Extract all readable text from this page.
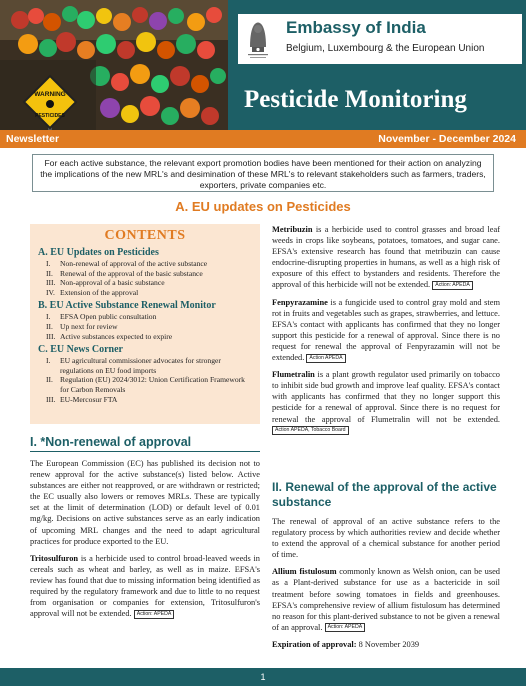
WARNING
PESTICIDES
Embassy of India
Belgium, Luxembourg & the European Union
Pesticide Monitoring
Newsletter	November - December 2024
For each active substance, the relevant export promotion bodies have been mentioned for their action on analyzing the implications of the new MRL's and desimination of these MRL's to relevant stakeholders such as farmers, traders, exporters, private companies etc.
A. EU updates on Pesticides
CONTENTS
A. EU Updates on Pesticides
I.	Non-renewal of approval of the active substance
II. Renewal of the approval of the basic substance
III. Non-approval of a basic substance
IV. Extension of the approval
B. EU Active Substance Renewal Monitor
I.	EFSA Open public consultation
II. Up next for review
III. Active substances expected to expire
C. EU News Corner
I.	EU agricultural commissioner advocates for stronger regulations on EU food imports
II. Regulation (EU) 2024/3012: Union Certification Framework for Carbon Removals
III. EU-Mercosur FTA
I. *Non-renewal of approval

The European Commission (EC) has published its decision not to renew approval for the active substance(s) listed below. Active substances are either not reapproved, or are withdrawn or restricted; the EC usually also lowers or removes MRLs. These are typically set at the limit of determination (LOD) or default level of 0.01 mg/kg. Decisions on active substances serve as an early indication of upcoming MRL changes and the need to adapt agricultural practices for produce exported to the EU.

Tritosulfuron is a herbicide used to control broad-leaved weeds in cereals such as wheat and barley, as well as in maize. EFSA's review has found that due to missing information being identified as required by the regulatory framework and due to little to no request from organisation or companies for extension, Tritosulfuron's approval will not be extended. Action: APEDA

Metribuzin is a herbicide used to control grasses and broad leaf weeds in crops like soybeans, potatoes, tomatoes, and sugar cane. EFSA's extensive research has found that metribuzin can cause endocrine-disrupting properties in humans, as well as a high risk of exposure of this effect to bystanders and residents. Therefore the approval of this herbicide will not be extended. Action: APEDA

Fenpyrazamine is a fungicide used to control gray mold and stem rot in fruits and vegetables such as grapes, strawberries, and lettuce. EFSA's contact with applicants has confirmed that they no longer support this pesticide for a renewal of approval. Since there is no request for renewal the approval of Fenpyrazamin will not be extended. Action APEDA

Flumetralin is a plant growth regulator used primarily on tobacco to inhibit side bud growth and improve leaf quality. EFSA's contact with applicants has confirmed that they no longer support this pesticide for a renewal of approval. Since there is no request for renewal the approval of Flumetralin will not be extended. Action APEDA, Tobacco Board

II. Renewal of the approval of the active substance

The renewal of approval of an active substance refers to the regulatory process by which authorities review and decide whether to extend the approval of a chemical substance for another period of time.

Allium fistulosum commonly known as Welsh onion, can be used as a Plant-derived substance for use as a bactericide in soil treatment before sowing tomatoes in fields and greenhouses. EFSA's comprehensive review of allium fistulosum has determined no reason for this plant-derived substance to not be given a renewal of an approval. Action: APEDA

Expiration of approval: 8 November 2039

1
